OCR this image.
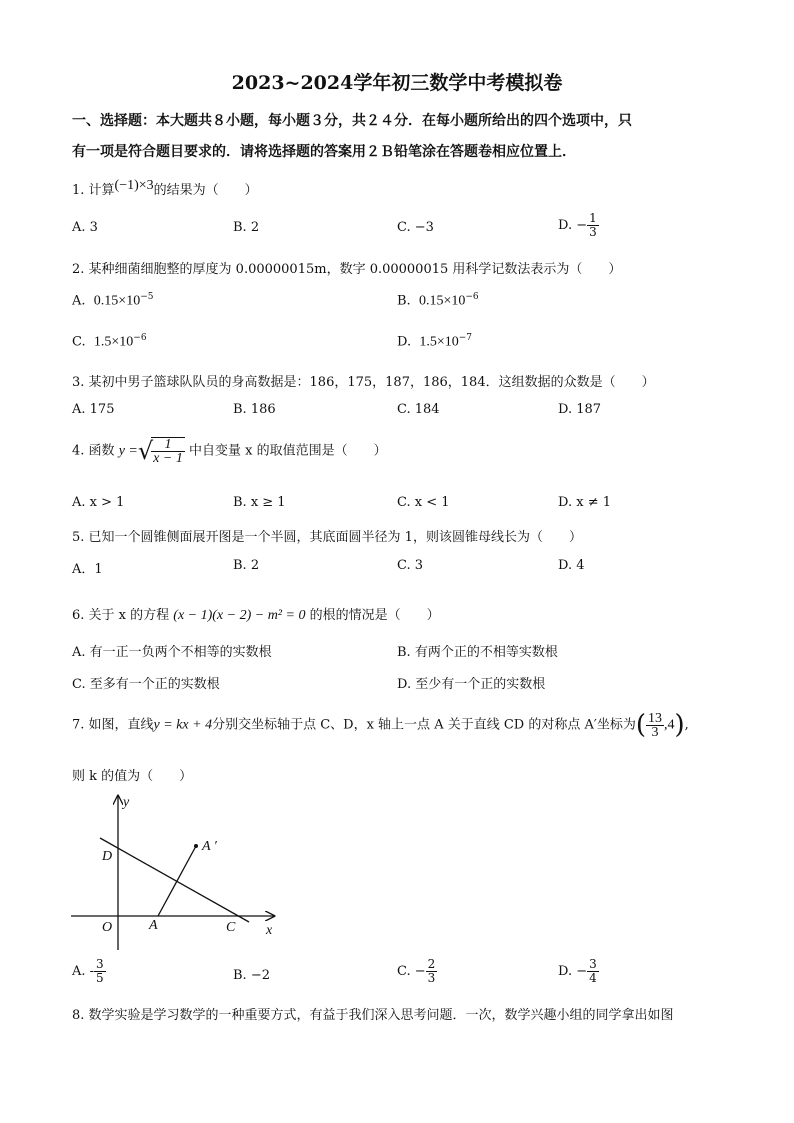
2023~2024学年初三数学中考模拟卷
一、选择题：本大题共８小题，每小题３分，共２４分．在每小题所给出的四个选项中，只
有一项是符合题目要求的．请将选择题的答案用２Ｂ铅笔涂在答题卷相应位置上．
1. 计算(−1)×3的结果为（　　）
A. 3	B. 2	C. −3	D. − $\frac{1}{3}$
2. 某种细菌细胞整的厚度为 0.00000015m，数字 0.00000015 用科学记数法表示为（　　）
A. $0.15\times 10^{-5}$	B. $0.15\times 10^{-6}$
C. $1.5\times 10^{-6}$	D. $1.5\times 10^{-7}$
3. 某初中男子篮球队队员的身高数据是：186，175，187，186，184．这组数据的众数是（　　）
A. 175	B. 186	C. 184	D. 187
4. 函数 y =√
$\frac{1}{x - 1}$ 中自变量 x 的取值范围是（　　）
A. x > 1	B. x ≥ 1	C. x < 1	D. x ≠ 1
5. 已知一个圆锥侧面展开图是一个半圆，其底面圆半径为 1，则该圆锥母线长为（　　）
A．1	B. 2	C. 3	D. 4
6. 关于 x 的方程 (x − 1)(x − 2) − m² = 0 的根的情况是（　　）
A. 有一正一负两个不相等的实数根	B. 有两个正的不相等实数根
C. 至多有一个正的实数根	D. 至少有一个正的实数根
7. 如图，直线y = kx + 4分别交坐标轴于点 C、D，x 轴上一点 A 关于直线 CD 的对称点 A′坐标为( $\frac{13}{3} ,4$),
则 k 的值为（　　）
y
x
O	A	C
D
A ′
A. - $\frac{3}{5}$	B. −2	C. − $\frac{2}{3}$	D. − $\frac{3}{4}$
8. 数学实验是学习数学的一种重要方式，有益于我们深入思考问题．一次，数学兴趣小组的同学拿出如图
